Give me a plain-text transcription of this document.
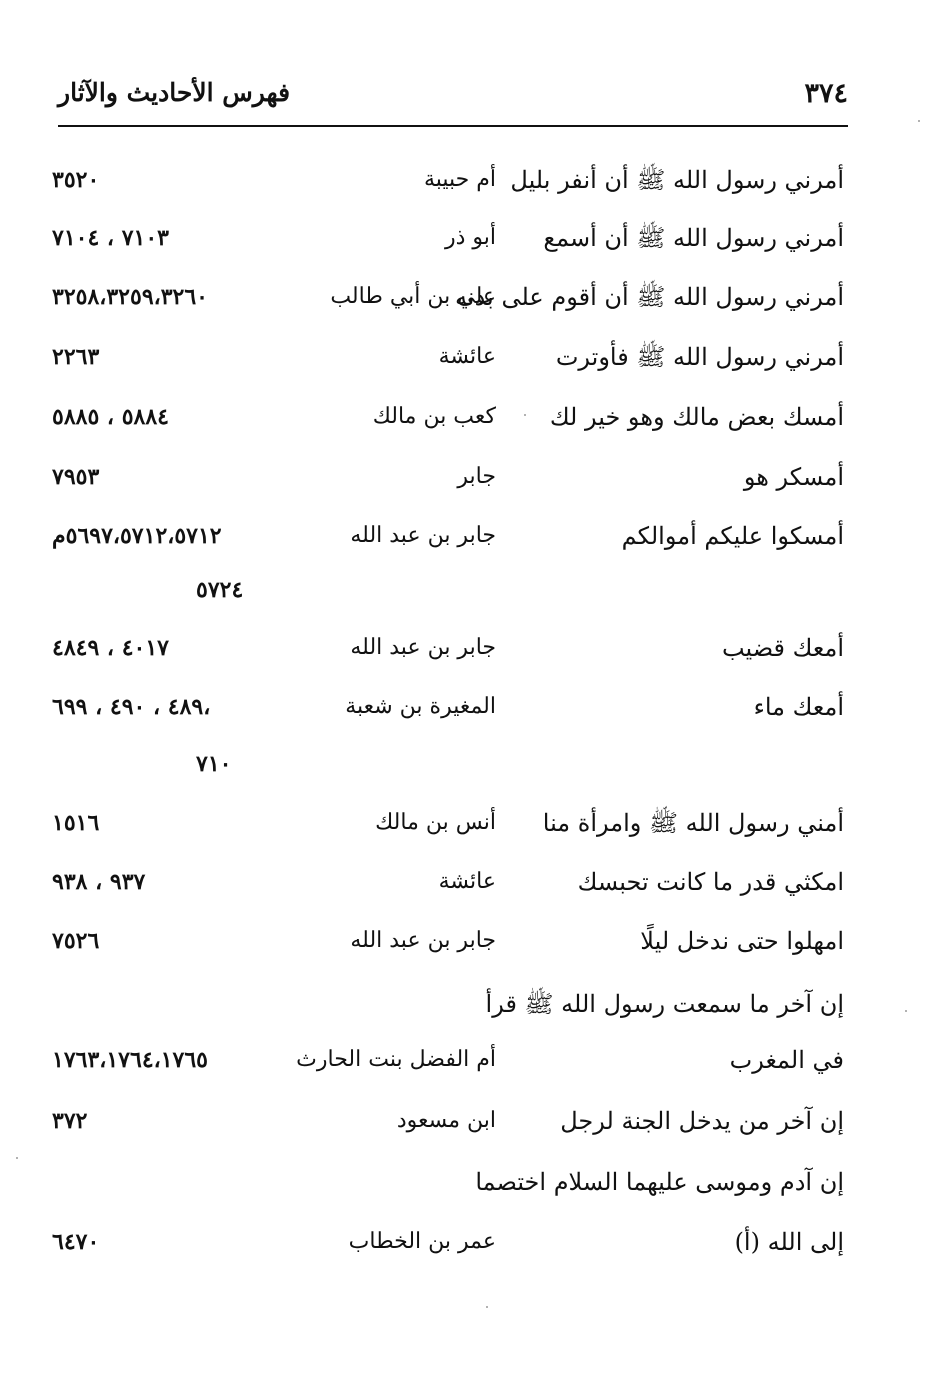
٣٧٤
فهرس الأحاديث والآثار
أمرني رسول الله ﷺ أن أنفر بليل
أم حبيبة
٣٥٢٠
أمرني رسول الله ﷺ أن أسمع
أبو ذر
٧١٠٣ ، ٧١٠٤
أمرني رسول الله ﷺ أن أقوم على بدنه
علي بن أبي طالب
٣٢٥٨،٣٢٥٩،٣٢٦٠
أمرني رسول الله ﷺ فأوترت
عائشة
٢٢٦٣
أمسك بعض مالك وهو خير لك
كعب بن مالك
٥٨٨٤ ، ٥٨٨٥
أمسكر هو
جابر
٧٩٥٣
أمسكوا عليكم أموالكم
جابر بن عبد الله
٥٦٩٧،٥٧١٢،٥٧١٢م
٥٧٢٤
أمعك قضيب
جابر بن عبد الله
٤٠١٧ ، ٤٨٤٩
أمعك ماء
المغيرة بن شعبة
٤٨٩ ، ٤٩٠ ، ٦٩٩،
٧١٠
أمني رسول الله ﷺ وامرأة منا
أنس بن مالك
١٥١٦
امكثي قدر ما كانت تحبسك
عائشة
٩٣٧ ، ٩٣٨
امهلوا حتى ندخل ليلًا
جابر بن عبد الله
٧٥٢٦
إن آخر ما سمعت رسول الله ﷺ قرأ
في المغرب
أم الفضل بنت الحارث
١٧٦٣،١٧٦٤،١٧٦٥
إن آخر من يدخل الجنة لرجل
ابن مسعود
٣٧٢
إن آدم وموسى عليهما السلام اختصما
إلى الله (أ)
عمر بن الخطاب
٦٤٧٠
